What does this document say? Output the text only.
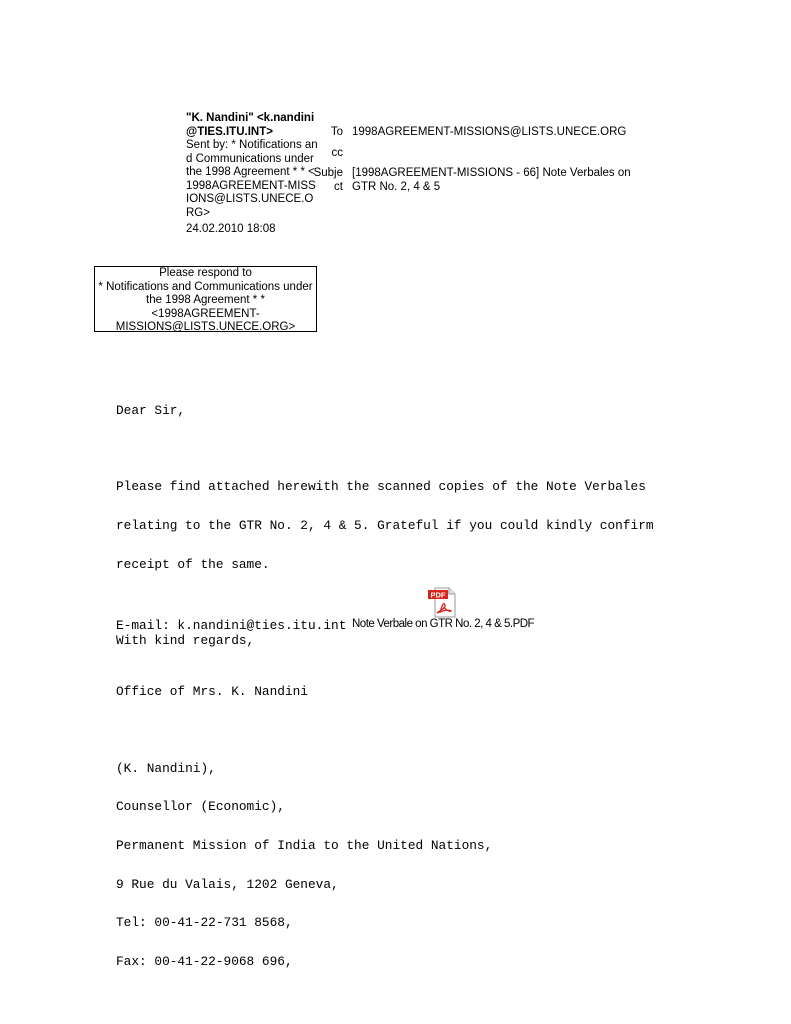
"K. Nandini" <k.nandini@TIES.ITU.INT>
Sent by: * Notifications and Communications under the 1998 Agreement * * <1998AGREEMENT-MISSIONS@LISTS.UNECE.ORG>
24.02.2010 18:08
Please respond to
* Notifications and Communications under
the 1998 Agreement * *
<1998AGREEMENT-
MISSIONS@LISTS.UNECE.ORG>
To 1998AGREEMENT-MISSIONS@LISTS.UNECE.ORG
cc
Subject
[1998AGREEMENT-MISSIONS - 66] Note Verbales on GTR No. 2, 4 & 5

Dear Sir,

Please find attached herewith the scanned copies of the Note Verbales

relating to the GTR No. 2, 4 & 5. Grateful if you could kindly confirm

receipt of the same.

With kind regards,

Office of Mrs. K. Nandini

(K. Nandini),

Counsellor (Economic),

Permanent Mission of India to the United Nations,

9 Rue du Valais, 1202 Geneva,

Tel: 00-41-22-731 8568,

Fax: 00-41-22-9068 696,

E-mail: k.nandini@ties.itu.int

PDF
Note Verbale on GTR No. 2, 4 & 5.PDF
